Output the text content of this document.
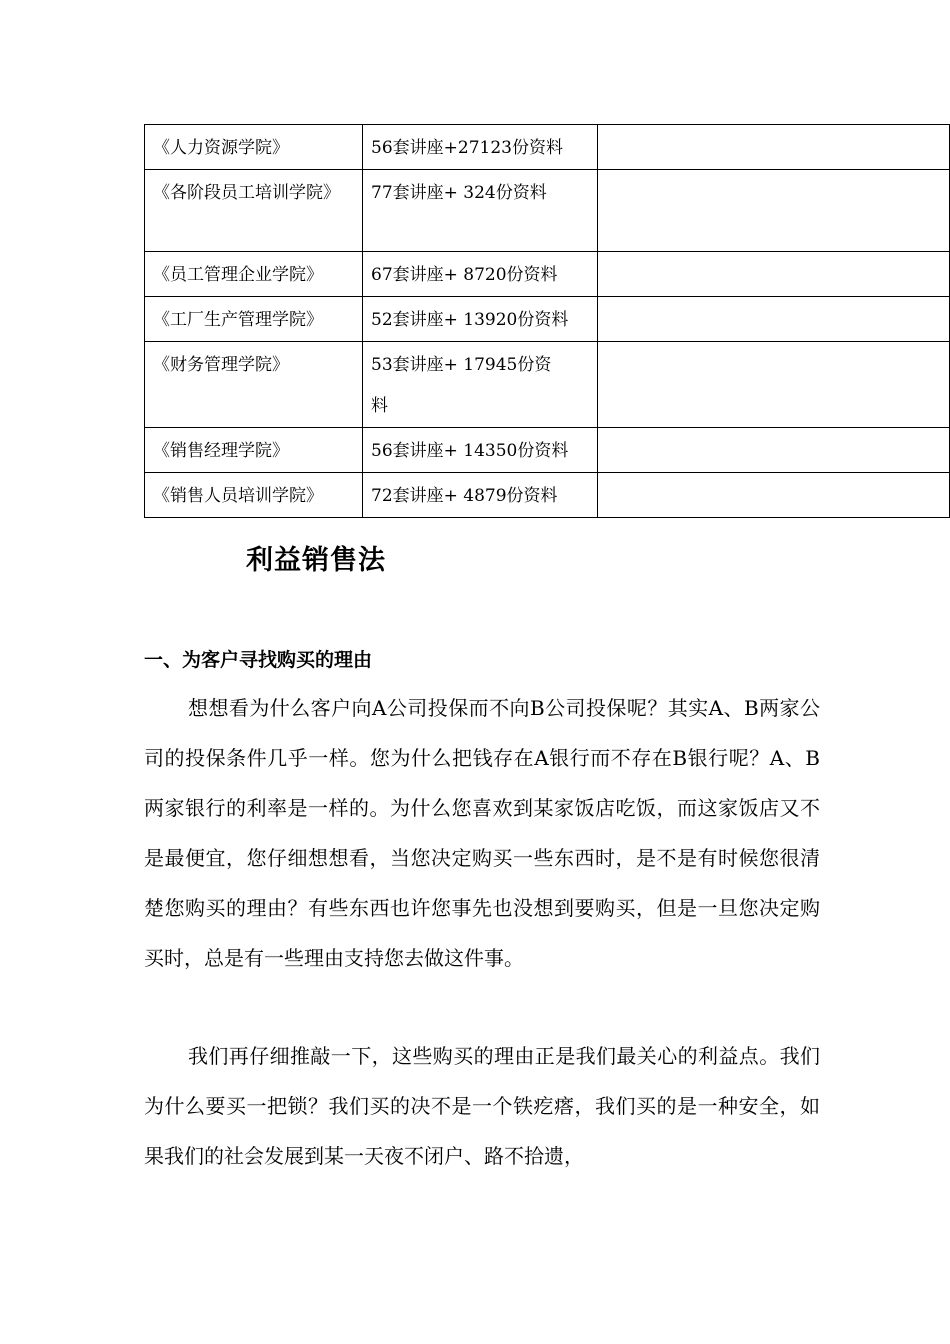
《人力资源学院》	56套讲座+27123份资料	
《各阶段员工培训学院》	77套讲座+ 324份资料	
《员工管理企业学院》	67套讲座+ 8720份资料	
《工厂生产管理学院》	52套讲座+ 13920份资料	
《财务管理学院》	53套讲座+ 17945份资料	
《销售经理学院》	56套讲座+ 14350份资料	
《销售人员培训学院》	72套讲座+ 4879份资料	
利益销售法
一、为客户寻找购买的理由

想想看为什么客户向A公司投保而不向B公司投保呢？其实A、B两家公司的投保条件几乎一样。您为什么把钱存在A银行而不存在B银行呢？A、B两家银行的利率是一样的。为什么您喜欢到某家饭店吃饭，而这家饭店又不是最便宜，您仔细想想看，当您决定购买一些东西时，是不是有时候您很清楚您购买的理由？有些东西也许您事先也没想到要购买，但是一旦您决定购买时，总是有一些理由支持您去做这件事。

我们再仔细推敲一下，这些购买的理由正是我们最关心的利益点。我们为什么要买一把锁？我们买的决不是一个铁疙瘩，我们买的是一种安全，如果我们的社会发展到某一天夜不闭户、路不拾遗，
